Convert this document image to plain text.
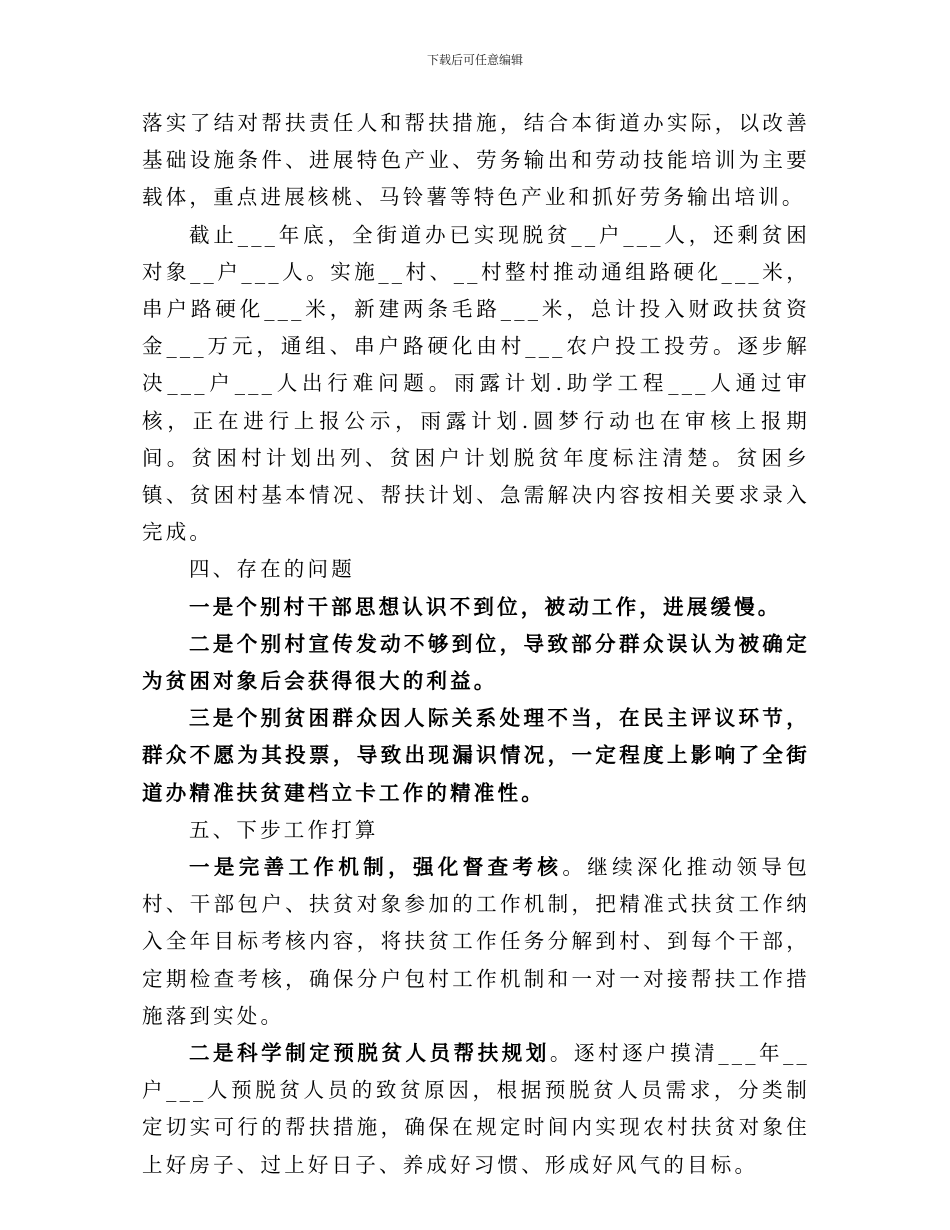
下载后可任意编辑

落实了结对帮扶责任人和帮扶措施，结合本街道办实际，以改善基础设施条件、进展特色产业、劳务输出和劳动技能培训为主要载体，重点进展核桃、马铃薯等特色产业和抓好劳务输出培训。

截止___年底，全街道办已实现脱贫__户___人，还剩贫困对象__户___人。实施__村、__村整村推动通组路硬化___米，串户路硬化___米，新建两条毛路___米，总计投入财政扶贫资金___万元，通组、串户路硬化由村___农户投工投劳。逐步解决___户___人出行难问题。雨露计划.助学工程___人通过审核，正在进行上报公示，雨露计划.圆梦行动也在审核上报期间。贫困村计划出列、贫困户计划脱贫年度标注清楚。贫困乡镇、贫困村基本情况、帮扶计划、急需解决内容按相关要求录入完成。

四、存在的问题

一是个别村干部思想认识不到位，被动工作，进展缓慢。

二是个别村宣传发动不够到位，导致部分群众误认为被确定为贫困对象后会获得很大的利益。

三是个别贫困群众因人际关系处理不当，在民主评议环节，群众不愿为其投票，导致出现漏识情况，一定程度上影响了全街道办精准扶贫建档立卡工作的精准性。

五、下步工作打算

一是完善工作机制，强化督查考核。继续深化推动领导包村、干部包户、扶贫对象参加的工作机制，把精准式扶贫工作纳入全年目标考核内容，将扶贫工作任务分解到村、到每个干部，定期检查考核，确保分户包村工作机制和一对一对接帮扶工作措施落到实处。

二是科学制定预脱贫人员帮扶规划。逐村逐户摸清___年__户___人预脱贫人员的致贫原因，根据预脱贫人员需求，分类制定切实可行的帮扶措施，确保在规定时间内实现农村扶贫对象住上好房子、过上好日子、养成好习惯、形成好风气的目标。
